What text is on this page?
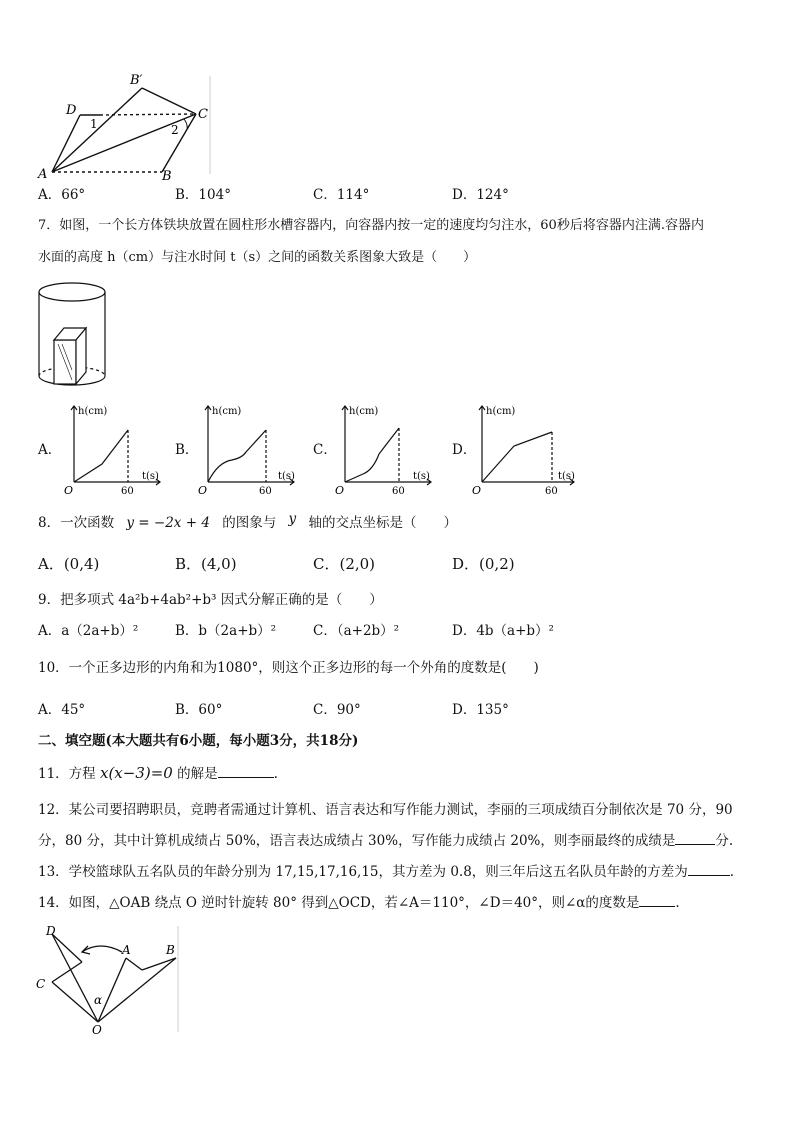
D
B′
C
A	B
1	2
A．66°	B．104°	C．114°	D．124°
7．如图，一个长方体铁块放置在圆柱形水槽容器内，向容器内按一定的速度均匀注水，60秒后将容器内注满.容器内
水面的高度 h（cm）与注水时间 t（s）之间的函数关系图象大致是（　　）
A．	B．	C．	D．
h(cm)
t(s)
O	60
h(cm)
t(s)
O	60
h(cm)
t(s)
O	60
h(cm)
t(s)
O	60
8．一次函数 y = −2x + 4 的图象与 y 轴的交点坐标是（　　）
A．(0,4)	B．(4,0)	C．(2,0)	D．(0,2)
9．把多项式 4a²b+4ab²+b³ 因式分解正确的是（　　）
A．a（2a+b）²	B．b（2a+b）²	C．（a+2b）²	D．4b（a+b）²
10．一个正多边形的内角和为1080°，则这个正多边形的每一个外角的度数是(　　)
A．45°	B．60°	C．90°	D．135°
二、填空题(本大题共有6小题，每小题3分，共18分)
11．方程 x(x−3)=0 的解是	.
12．某公司要招聘职员，竞聘者需通过计算机、语言表达和写作能力测试，李丽的三项成绩百分制依次是 70 分，90
分，80 分，其中计算机成绩占 50%，语言表达成绩占 30%，写作能力成绩占 20%，则李丽最终的成绩是	分.
13．学校篮球队五名队员的年龄分别为 17,15,17,16,15，其方差为 0.8，则三年后这五名队员年龄的方差为	.
14．如图，△OAB 绕点 O 逆时针旋转 80° 得到△OCD，若∠A＝110°，∠D＝40°，则∠α的度数是	.
D
A	B
C
O
α
